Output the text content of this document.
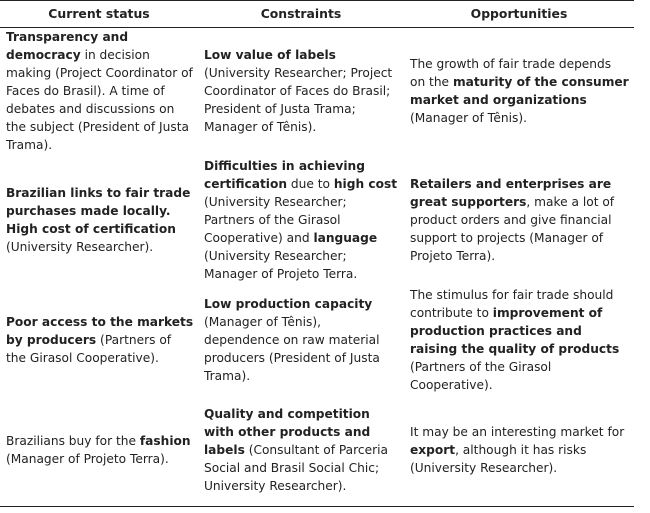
Current status	Constraints	Opportunities
Transparency and democracy in decision making (Project Coordinator of Faces do Brasil). A time of debates and discussions on the subject (President of Justa Trama).	Low value of labels (University Researcher; Project Coordinator of Faces do Brasil; President of Justa Trama; Manager of Tênis).	The growth of fair trade depends on the maturity of the consumer market and organizations (Manager of Tênis).
Brazilian links to fair trade purchases made locally. High cost of certification (University Researcher).	Difficulties in achieving certification due to high cost (University Researcher; Partners of the Girasol Cooperative) and language (University Researcher; Manager of Projeto Terra.	Retailers and enterprises are great supporters, make a lot of product orders and give financial support to projects (Manager of Projeto Terra).
Poor access to the markets by producers (Partners of the Girasol Cooperative).	Low production capacity (Manager of Tênis), dependence on raw material producers (President of Justa Trama).	The stimulus for fair trade should contribute to improvement of production practices and raising the quality of products (Partners of the Girasol Cooperative).
Brazilians buy for the fashion (Manager of Projeto Terra).	Quality and competition with other products and labels (Consultant of Parceria Social and Brasil Social Chic; University Researcher).	It may be an interesting market for export, although it has risks (University Researcher).
